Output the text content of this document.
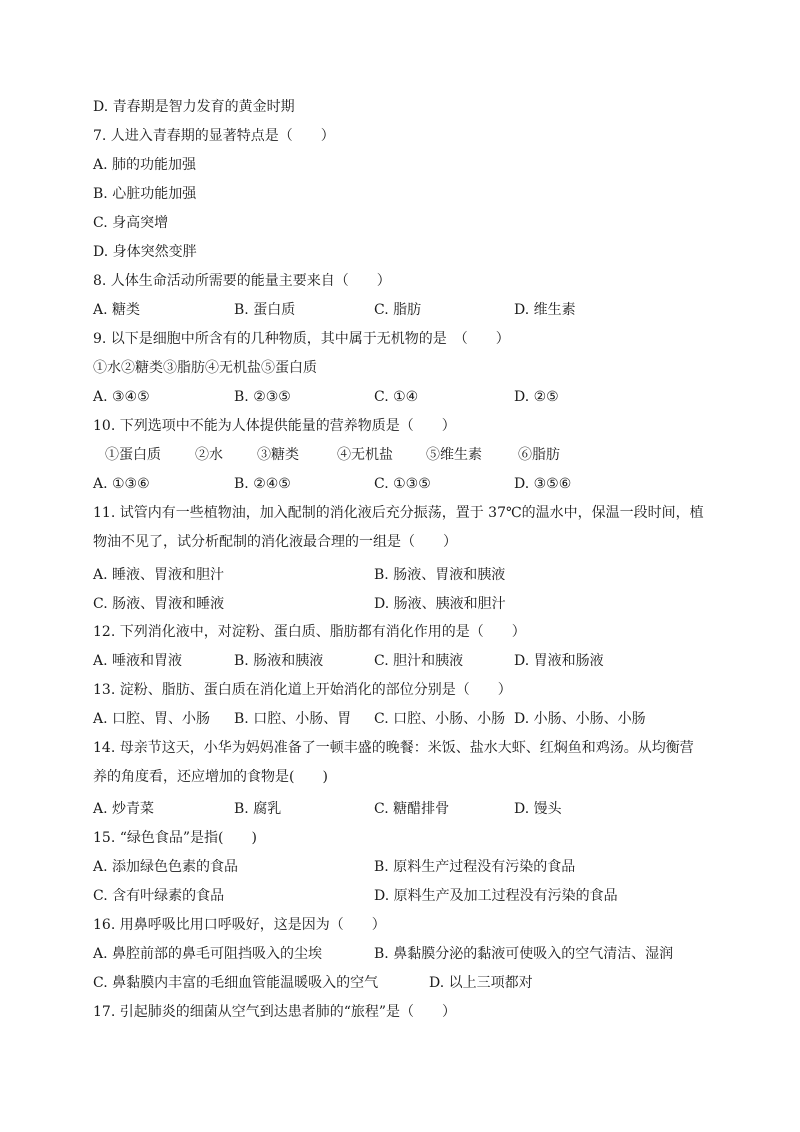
D. 青春期是智力发育的黄金时期
7. 人进入青春期的显著特点是（　　）
A. 肺的功能加强
B. 心脏功能加强
C. 身高突增
D. 身体突然变胖
8. 人体生命活动所需要的能量主要来自（　　）
A. 糖类	B. 蛋白质	C. 脂肪	D. 维生素
9. 以下是细胞中所含有的几种物质，其中属于无机物的是　（　　）
①水②糖类③脂肪④无机盐⑤蛋白质
A. ③④⑤	B. ②③⑤	C. ①④	D. ②⑤
10. 下列选项中不能为人体提供能量的营养物质是（　　）
①蛋白质 ②水 ③糖类	④无机盐 ⑤维生素	⑥脂肪
A. ①③⑥	B. ②④⑤	C. ①③⑤	D. ③⑤⑥
11. 试管内有一些植物油，加入配制的消化液后充分振荡，置于 37℃的温水中，保温一段时间，植
物油不见了，试分析配制的消化液最合理的一组是（　　）
A. 睡液、胃液和胆汁	B. 肠液、胃液和胰液
C. 肠液、胃液和睡液	D. 肠液、胰液和胆汁
12. 下列消化液中，对淀粉、蛋白质、脂肪都有消化作用的是（　　）
A. 唾液和胃液	B. 肠液和胰液	C. 胆汁和胰液	D. 胃液和肠液
13. 淀粉、脂肪、蛋白质在消化道上开始消化的部位分别是（　　）
A. 口腔、胃、小肠 B. 口腔、小肠、胃 C. 口腔、小肠、小肠 D. 小肠、小肠、小肠
14. 母亲节这天，小华为妈妈准备了一顿丰盛的晚餐：米饭、盐水大虾、红焖鱼和鸡汤。从均衡营
养的角度看，还应增加的食物是(　　)
A. 炒青菜	B. 腐乳	C. 糖醋排骨	D. 馒头
15. “绿色食品”是指(　　)
A. 添加绿色色素的食品	B. 原料生产过程没有污染的食品
C. 含有叶绿素的食品	D. 原料生产及加工过程没有污染的食品
16. 用鼻呼吸比用口呼吸好，这是因为（　　）
A. 鼻腔前部的鼻毛可阻挡吸入的尘埃	B. 鼻黏膜分泌的黏液可使吸入的空气清洁、湿润
C. 鼻黏膜内丰富的毛细血管能温暖吸入的空气	D. 以上三项都对
17. 引起肺炎的细菌从空气到达患者肺的“旅程”是（　　）
